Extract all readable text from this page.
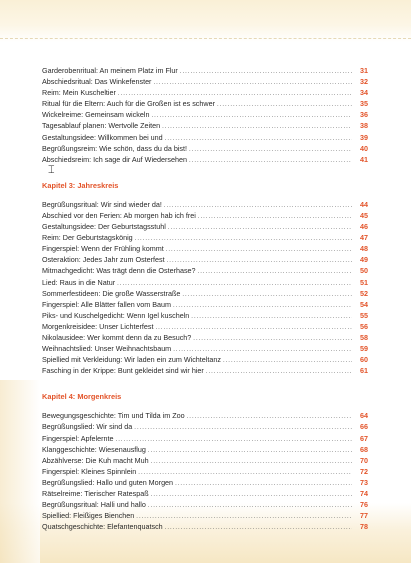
Garderobenritual: An meinem Platz im Flur .....	31
Abschiedsritual: Das Winkefenster .....	32
Reim: Mein Kuscheltier .....	34
Ritual für die Eltern: Auch für die Großen ist es schwer .....	35
Wickelreime: Gemeinsam wickeln .....	36
Tagesablauf planen: Wertvolle Zeiten .....	38
Gestaltungsidee: Willkommen bei und .....	39
Begrüßungsreim: Wie schön, dass du da bist! .....	40
Abschiedsreim: Ich sage dir Auf Wiedersehen .....	41
Kapitel 3: Jahreskreis
Begrüßungsritual: Wir sind wieder da! .....	44
Abschied vor den Ferien: Ab morgen hab ich frei .....	45
Gestaltungsidee: Der Geburtstagsstuhl .....	46
Reim: Der Geburtstagskönig .....	47
Fingerspiel: Wenn der Frühling kommt .....	48
Osteraktion: Jedes Jahr zum Osterfest .....	49
Mitmachgedicht: Was trägt denn die Osterhase? .....	50
Lied: Raus in die Natur .....	51
Sommerfestideen: Die große Wasserstraße .....	52
Fingerspiel: Alle Blätter fallen vom Baum .....	54
Piks- und Kuschelgedicht: Wenn Igel kuscheln .....	55
Morgenkreisidee: Unser Lichterfest .....	56
Nikolausidee: Wer kommt denn da zu Besuch? .....	58
Weihnachtslied: Unser Weihnachtsbaum .....	59
Spiellied mit Verkleidung: Wir laden ein zum Wichteltanz .....	60
Fasching in der Krippe: Bunt gekleidet sind wir hier .....	61
Kapitel 4: Morgenkreis
Bewegungsgeschichte: Tim und Tilda im Zoo .....	64
Begrüßungslied: Wir sind da .....	66
Fingerspiel: Apfelernte .....	67
Klanggeschichte: Wiesenausflug .....	68
Abzählverse: Die Kuh macht Muh .....	70
Fingerspiel: Kleines Spinnlein .....	72
Begrüßungslied: Hallo und guten Morgen .....	73
Rätselreime: Tierischer Ratespaß .....	74
Begrüßungsritual: Halli und hallo .....	76
Spiellied: Fleißiges Bienchen .....	77
Quatschgeschichte: Elefantenquatsch .....	78
⌶
